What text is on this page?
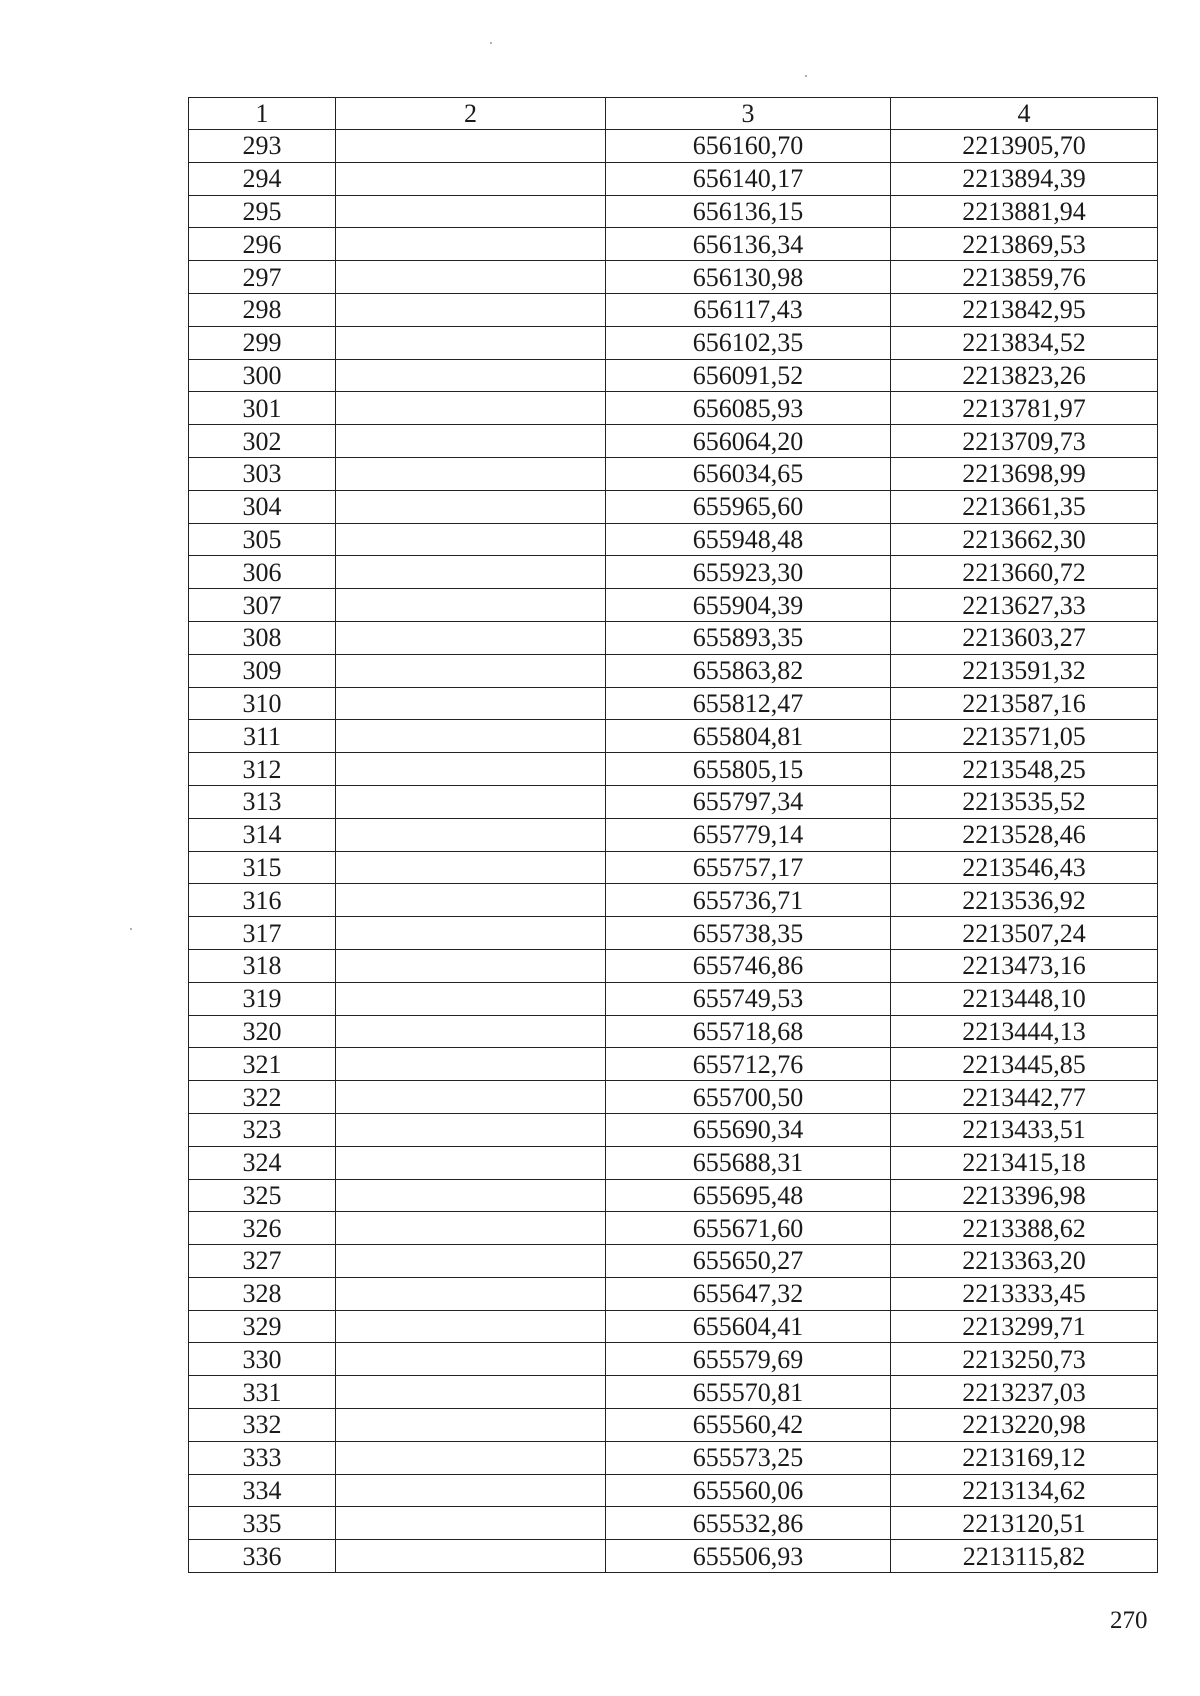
1	2	3	4
293		656160,70	2213905,70
294		656140,17	2213894,39
295		656136,15	2213881,94
296		656136,34	2213869,53
297		656130,98	2213859,76
298		656117,43	2213842,95
299		656102,35	2213834,52
300		656091,52	2213823,26
301		656085,93	2213781,97
302		656064,20	2213709,73
303		656034,65	2213698,99
304		655965,60	2213661,35
305		655948,48	2213662,30
306		655923,30	2213660,72
307		655904,39	2213627,33
308		655893,35	2213603,27
309		655863,82	2213591,32
310		655812,47	2213587,16
311		655804,81	2213571,05
312		655805,15	2213548,25
313		655797,34	2213535,52
314		655779,14	2213528,46
315		655757,17	2213546,43
316		655736,71	2213536,92
317		655738,35	2213507,24
318		655746,86	2213473,16
319		655749,53	2213448,10
320		655718,68	2213444,13
321		655712,76	2213445,85
322		655700,50	2213442,77
323		655690,34	2213433,51
324		655688,31	2213415,18
325		655695,48	2213396,98
326		655671,60	2213388,62
327		655650,27	2213363,20
328		655647,32	2213333,45
329		655604,41	2213299,71
330		655579,69	2213250,73
331		655570,81	2213237,03
332		655560,42	2213220,98
333		655573,25	2213169,12
334		655560,06	2213134,62
335		655532,86	2213120,51
336		655506,93	2213115,82
270
